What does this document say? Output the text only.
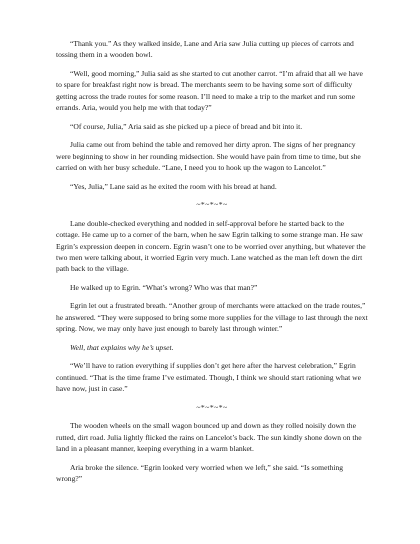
“Thank you.” As they walked inside, Lane and Aria saw Julia cutting up pieces of carrots and tossing them in a wooden bowl.

“Well, good morning,” Julia said as she started to cut another carrot. “I’m afraid that all we have to spare for breakfast right now is bread. The merchants seem to be having some sort of difficulty getting across the trade routes for some reason. I’ll need to make a trip to the market and run some errands. Aria, would you help me with that today?”

“Of course, Julia,” Aria said as she picked up a piece of bread and bit into it.

Julia came out from behind the table and removed her dirty apron. The signs of her pregnancy were beginning to show in her rounding midsection. She would have pain from time to time, but she carried on with her busy schedule. “Lane, I need you to hook up the wagon to Lancelot.”

“Yes, Julia,” Lane said as he exited the room with his bread at hand.

~*~*~*~

Lane double-checked everything and nodded in self-approval before he started back to the cottage. He came up to a corner of the barn, when he saw Egrin talking to some strange man. He saw Egrin’s expression deepen in concern. Egrin wasn’t one to be worried over anything, but whatever the two men were talking about, it worried Egrin very much. Lane watched as the man left down the dirt path back to the village.

He walked up to Egrin. “What’s wrong? Who was that man?”

Egrin let out a frustrated breath. “Another group of merchants were attacked on the trade routes,” he answered. “They were supposed to bring some more supplies for the village to last through the next spring. Now, we may only have just enough to barely last through winter.”

Well, that explains why he’s upset.

“We’ll have to ration everything if supplies don’t get here after the harvest celebration,” Egrin continued. “That is the time frame I’ve estimated. Though, I think we should start rationing what we have now, just in case.”

~*~*~*~

The wooden wheels on the small wagon bounced up and down as they rolled noisily down the rutted, dirt road. Julia lightly flicked the rains on Lancelot’s back. The sun kindly shone down on the land in a pleasant manner, keeping everything in a warm blanket.

Aria broke the silence. “Egrin looked very worried when we left,” she said. “Is something wrong?”
